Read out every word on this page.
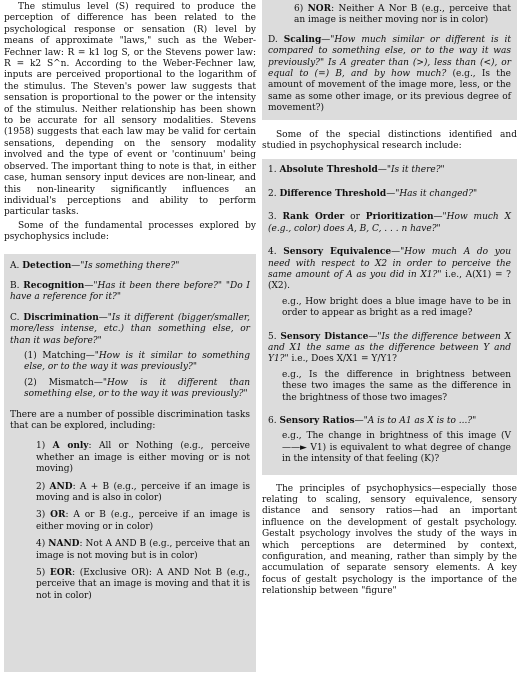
The stimulus level (S) required to produce the perception of difference has been related to the psychological response or sensation (R) level by means of approximate "laws," such as the Weber-Fechner law: R = k1 log S, or the Stevens power law: R = k2 S^n. According to the Weber-Fechner law, inputs are perceived proportional to the logarithm of the stimulus. The Steven's power law suggests that sensation is proportional to the power or the intensity of the stimulus. Neither relationship has been shown to be accurate for all sensory modalities. Stevens (1958) suggests that each law may be valid for certain sensations, depending on the sensory modality involved and the type of event or 'continuum' being observed. The important thing to note is that, in either case, human sensory input devices are non-linear, and this non-linearity significantly influences an individual's perceptions and ability to perform particular tasks.

Some of the fundamental processes explored by psychophysics include:

A. Detection—"Is something there?"
B. Recognition—"Has it been there before?" "Do I have a reference for it?"
C. Discrimination—"Is it different (bigger/smaller, more/less intense, etc.) than something else, or than it was before?"
(1) Matching—"How is it similar to something else, or to the way it was previously?"
(2) Mismatch—"How is it different than something else, or to the way it was previously?"
There are a number of possible discrimination tasks that can be explored, including:
1) A only: All or Nothing (e.g., perceive whether an image is either moving or is not moving)
2) AND: A + B (e.g., perceive if an image is moving and is also in color)
3) OR: A or B (e.g., perceive if an image is either moving or in color)
4) NAND: Not A AND B (e.g., perceive that an image is not moving but is in color)
5) EOR: (Exclusive OR): A AND Not B (e.g., perceive that an image is moving and that it is not in color)
6) NOR: Neither A Nor B (e.g., perceive that an image is neither moving nor is in color)
D. Scaling—"How much similar or different is it compared to something else, or to the way it was previously?" Is A greater than (>), less than (<), or equal to (=) B, and by how much? (e.g., Is the amount of movement of the image more, less, or the same as some other image, or its previous degree of movement?)

Some of the special distinctions identified and studied in psychophysical research include:

1. Absolute Threshold—"Is it there?"
2. Difference Threshold—"Has it changed?"
3. Rank Order or Prioritization—"How much X (e.g., color) does A, B, C, . . . n have?"
4. Sensory Equivalence—"How much A do you need with respect to X2 in order to perceive the same amount of A as you did in X1?" i.e., A(X1) = ?(X2).
e.g., How bright does a blue image have to be in order to appear as bright as a red image?
5. Sensory Distance—"Is the difference between X and X1 the same as the difference between Y and Y1?" i.e., Does X/X1 = Y/Y1?
e.g., Is the difference in brightness between these two images the same as the difference in the brightness of those two images?
6. Sensory Ratios—"A is to A1 as X is to ...?"
e.g., The change in brightness of this image (V ——► V1) is equivalent to what degree of change in the intensity of that feeling (K)?

The principles of psychophysics—especially those relating to scaling, sensory equivalence, sensory distance and sensory ratios—had an important influence on the development of gestalt psychology. Gestalt psychology involves the study of the ways in which perceptions are determined by context, configuration, and meaning, rather than simply by the accumulation of separate sensory elements. A key focus of gestalt psychology is the importance of the relationship between "figure"
